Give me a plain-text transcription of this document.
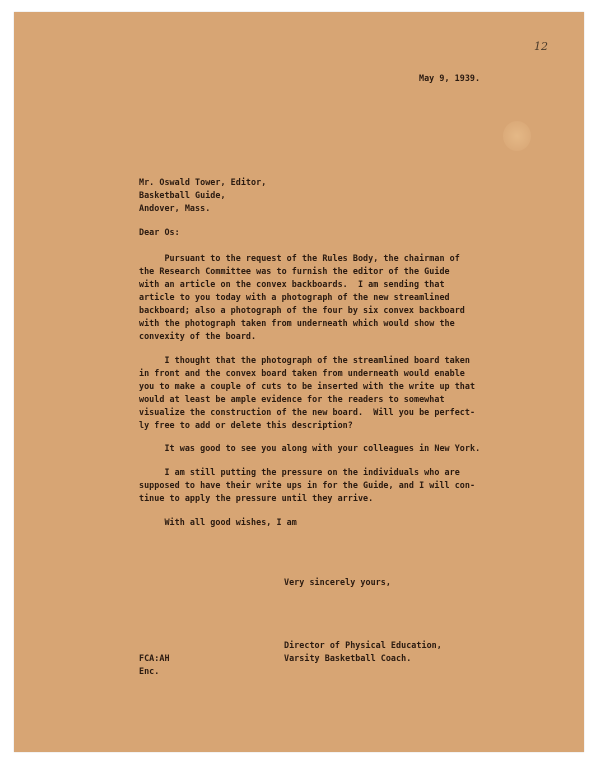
12
May 9, 1939.
Mr. Oswald Tower, Editor,
Basketball Guide,
Andover, Mass.
Dear Os:
Pursuant to the request of the Rules Body, the chairman of
the Research Committee was to furnish the editor of the Guide
with an article on the convex backboards.  I am sending that
article to you today with a photograph of the new streamlined
backboard; also a photograph of the four by six convex backboard
with the photograph taken from underneath which would show the
convexity of the board.
I thought that the photograph of the streamlined board taken
in front and the convex board taken from underneath would enable
you to make a couple of cuts to be inserted with the write up that
would at least be ample evidence for the readers to somewhat
visualize the construction of the new board.  Will you be perfect-
ly free to add or delete this description?
It was good to see you along with your colleagues in New York.
I am still putting the pressure on the individuals who are
supposed to have their write ups in for the Guide, and I will con-
tinue to apply the pressure until they arrive.
With all good wishes, I am
Very sincerely yours,
Director of Physical Education,
Varsity Basketball Coach.
FCA:AH
Enc.
